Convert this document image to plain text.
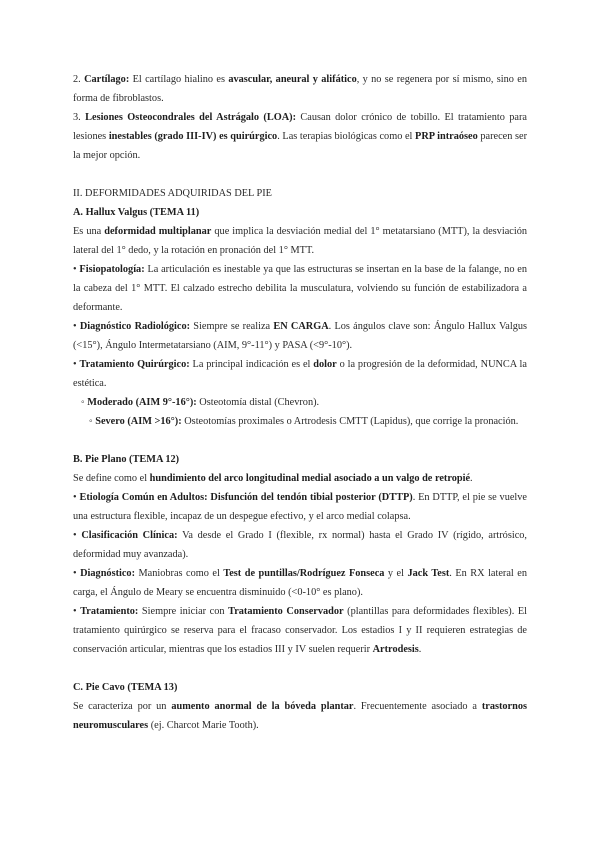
2. Cartílago: El cartílago hialino es avascular, aneural y alifático, y no se regenera por sí mismo, sino en forma de fibroblastos.

3. Lesiones Osteocondrales del Astrágalo (LOA): Causan dolor crónico de tobillo. El tratamiento para lesiones inestables (grado III-IV) es quirúrgico. Las terapias biológicas como el PRP intraóseo parecen ser la mejor opción.

II. DEFORMIDADES ADQUIRIDAS DEL PIE

A. Hallux Valgus (TEMA 11)

Es una deformidad multiplanar que implica la desviación medial del 1° metatarsiano (MTT), la desviación lateral del 1° dedo, y la rotación en pronación del 1° MTT.

• Fisiopatología: La articulación es inestable ya que las estructuras se insertan en la base de la falange, no en la cabeza del 1° MTT. El calzado estrecho debilita la musculatura, volviendo su función de estabilizadora a deformante.

• Diagnóstico Radiológico: Siempre se realiza EN CARGA. Los ángulos clave son: Ángulo Hallux Valgus (<15°), Ángulo Intermetatarsiano (AIM, 9°-11°) y PASA (<9°-10°).

• Tratamiento Quirúrgico: La principal indicación es el dolor o la progresión de la deformidad, NUNCA la estética.

◦ Moderado (AIM 9°-16°): Osteotomía distal (Chevron).

◦ Severo (AIM >16°): Osteotomías proximales o Artrodesis CMTT (Lapidus), que corrige la pronación.

B. Pie Plano (TEMA 12)

Se define como el hundimiento del arco longitudinal medial asociado a un valgo de retropié.

• Etiología Común en Adultos: Disfunción del tendón tibial posterior (DTTP). En DTTP, el pie se vuelve una estructura flexible, incapaz de un despegue efectivo, y el arco medial colapsa.

• Clasificación Clínica: Va desde el Grado I (flexible, rx normal) hasta el Grado IV (rígido, artrósico, deformidad muy avanzada).

• Diagnóstico: Maniobras como el Test de puntillas/Rodríguez Fonseca y el Jack Test. En RX lateral en carga, el Ángulo de Meary se encuentra disminuido (<0-10° es plano).

• Tratamiento: Siempre iniciar con Tratamiento Conservador (plantillas para deformidades flexibles). El tratamiento quirúrgico se reserva para el fracaso conservador. Los estadios I y II requieren estrategias de conservación articular, mientras que los estadios III y IV suelen requerir Artrodesis.

C. Pie Cavo (TEMA 13)

Se caracteriza por un aumento anormal de la bóveda plantar. Frecuentemente asociado a trastornos neuromusculares (ej. Charcot Marie Tooth).
